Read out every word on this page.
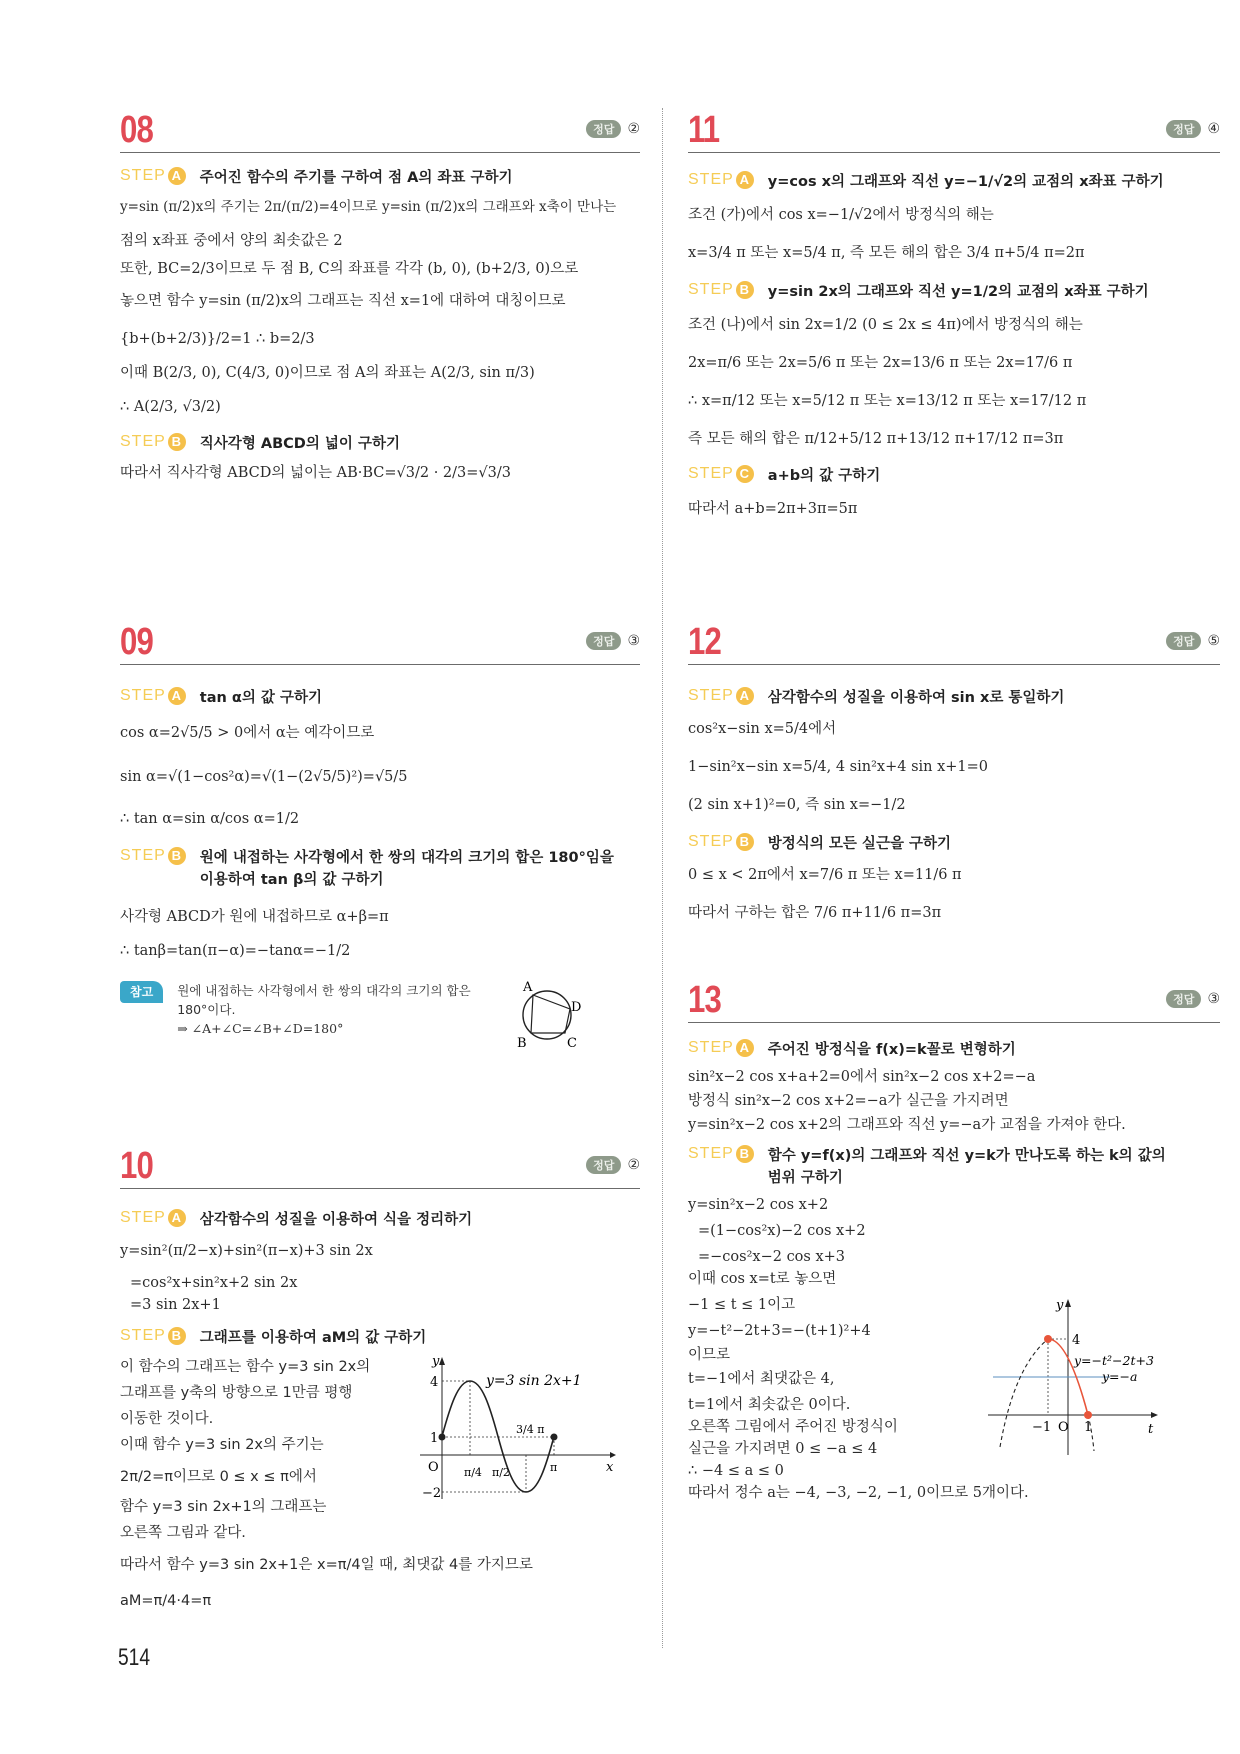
08	정답 ②
STEP A 주어진 함수의 주기를 구하여 점 A의 좌표 구하기
y=sin (π/2)x의 주기는 2π/(π/2)=4이므로 y=sin (π/2)x의 그래프와 x축이 만나는
점의 x좌표 중에서 양의 최솟값은 2
또한, BC=2/3이므로 두 점 B, C의 좌표를 각각 (b, 0), (b+2/3, 0)으로
놓으면 함수 y=sin (π/2)x의 그래프는 직선 x=1에 대하여 대칭이므로
{b+(b+2/3)}/2=1 ∴ b=2/3
이때 B(2/3, 0), C(4/3, 0)이므로 점 A의 좌표는 A(2/3, sin π/3)
∴ A(2/3, √3/2)
STEP B 직사각형 ABCD의 넓이 구하기
따라서 직사각형 ABCD의 넓이는 AB·BC=√3/2 · 2/3=√3/3
09	정답 ③
STEP A tan α의 값 구하기
cos α=2√5/5 > 0에서 α는 예각이므로
sin α=√(1−cos²α)=√(1−(2√5/5)²)=√5/5
∴ tan α=sin α/cos α=1/2
STEP B 원에 내접하는 사각형에서 한 쌍의 대각의 크기의 합은 180°임을
이용하여 tan β의 값 구하기
사각형 ABCD가 원에 내접하므로 α+β=π
∴ tanβ=tan(π−α)=−tanα=−1/2
참고	원에 내접하는 사각형에서 한 쌍의 대각의 크기의 합은
180°이다.
⇒ ∠A+∠C=∠B+∠D=180°
A
B	C
D
10	정답 ②
STEP A 삼각함수의 성질을 이용하여 식을 정리하기
y=sin²(π/2−x)+sin²(π−x)+3 sin 2x
=cos²x+sin²x+2 sin 2x
=3 sin 2x+1
STEP B 그래프를 이용하여 aM의 값 구하기
이 함수의 그래프는 함수 y=3 sin 2x의
그래프를 y축의 방향으로 1만큼 평행
이동한 것이다.
이때 함수 y=3 sin 2x의 주기는
2π/2=π이므로 0 ≤ x ≤ π에서
함수 y=3 sin 2x+1의 그래프는
오른쪽 그림과 같다.
따라서 함수 y=3 sin 2x+1은 x=π/4일 때, 최댓값 4를 가지므로
aM=π/4·4=π
y
x
O
4
1
−2
π/4 π/2
3/4 π
π
y=3 sin 2x+1
11	정답 ④
STEP A y=cos x의 그래프와 직선 y=−1/√2의 교점의 x좌표 구하기
조건 (가)에서 cos x=−1/√2에서 방정식의 해는
x=3/4 π 또는 x=5/4 π, 즉 모든 해의 합은 3/4 π+5/4 π=2π
STEP B y=sin 2x의 그래프와 직선 y=1/2의 교점의 x좌표 구하기
조건 (나)에서 sin 2x=1/2 (0 ≤ 2x ≤ 4π)에서 방정식의 해는
2x=π/6 또는 2x=5/6 π 또는 2x=13/6 π 또는 2x=17/6 π
∴ x=π/12 또는 x=5/12 π 또는 x=13/12 π 또는 x=17/12 π
즉 모든 해의 합은 π/12+5/12 π+13/12 π+17/12 π=3π
STEP C a+b의 값 구하기
따라서 a+b=2π+3π=5π
12	정답 ⑤
STEP A 삼각함수의 성질을 이용하여 sin x로 통일하기
cos²x−sin x=5/4에서
1−sin²x−sin x=5/4, 4 sin²x+4 sin x+1=0
(2 sin x+1)²=0, 즉 sin x=−1/2
STEP B 방정식의 모든 실근을 구하기
0 ≤ x < 2π에서 x=7/6 π 또는 x=11/6 π
따라서 구하는 합은 7/6 π+11/6 π=3π
13	정답 ③
STEP A 주어진 방정식을 f(x)=k꼴로 변형하기
sin²x−2 cos x+a+2=0에서 sin²x−2 cos x+2=−a
방정식 sin²x−2 cos x+2=−a가 실근을 가지려면
y=sin²x−2 cos x+2의 그래프와 직선 y=−a가 교점을 가져야 한다.
STEP B 함수 y=f(x)의 그래프와 직선 y=k가 만나도록 하는 k의 값의
범위 구하기
y=sin²x−2 cos x+2
=(1−cos²x)−2 cos x+2
=−cos²x−2 cos x+3
이때 cos x=t로 놓으면
−1 ≤ t ≤ 1이고
y=−t²−2t+3=−(t+1)²+4
이므로
t=−1에서 최댓값은 4,
t=1에서 최솟값은 0이다.
오른쪽 그림에서 주어진 방정식이
실근을 가지려면 0 ≤ −a ≤ 4
∴ −4 ≤ a ≤ 0
따라서 정수 a는 −4, −3, −2, −1, 0이므로 5개이다.
y
t
4
−1 O 1
y=−t²−2t+3
y=−a
514
